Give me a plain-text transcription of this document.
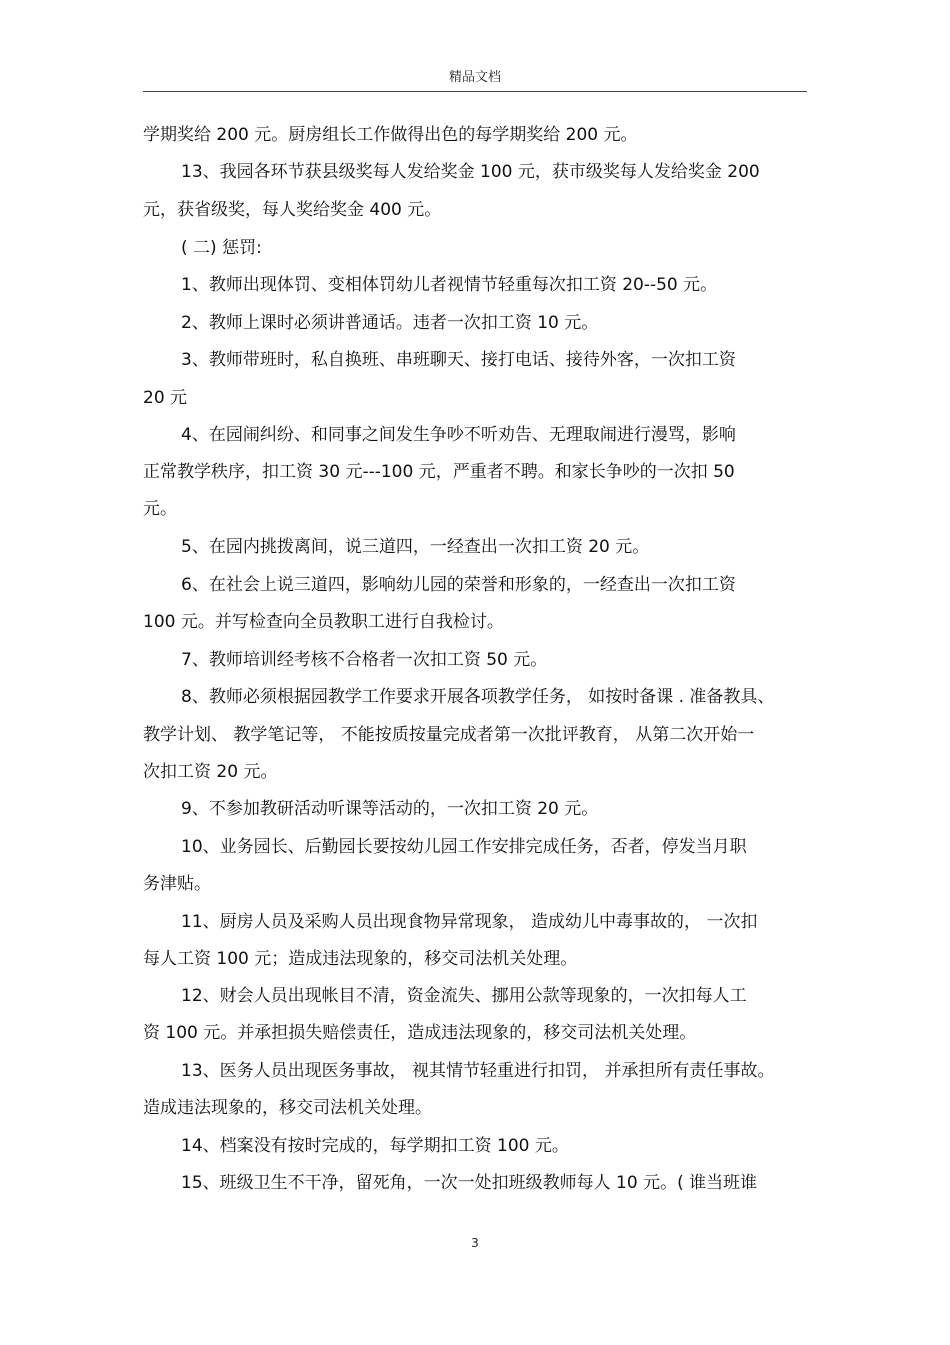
精品文档
学期奖给 200 元。厨房组长工作做得出色的每学期奖给 200 元。
13、我园各环节获县级奖每人发给奖金 100 元，获市级奖每人发给奖金 200
元，获省级奖，每人奖给奖金 400 元。
( 二) 惩罚:
1、教师出现体罚、变相体罚幼儿者视情节轻重每次扣工资 20--50 元。
2、教师上课时必须讲普通话。违者一次扣工资 10 元。
3、教师带班时，私自换班、串班聊天、接打电话、接待外客，一次扣工资
20 元
4、在园闹纠纷、和同事之间发生争吵不听劝告、无理取闹进行漫骂，影响
正常教学秩序，扣工资 30 元---100 元，严重者不聘。和家长争吵的一次扣 50
元。
5、在园内挑拨离间，说三道四，一经查出一次扣工资 20 元。
6、在社会上说三道四，影响幼儿园的荣誉和形象的，一经查出一次扣工资
100 元。并写检查向全员教职工进行自我检讨。
7、教师培训经考核不合格者一次扣工资 50 元。
8、教师必须根据园教学工作要求开展各项教学任务， 如按时备课 . 准备教具、
教学计划、 教学笔记等， 不能按质按量完成者第一次批评教育， 从第二次开始一
次扣工资 20 元。
9、不参加教研活动听课等活动的，一次扣工资 20 元。
10、业务园长、后勤园长要按幼儿园工作安排完成任务，否者，停发当月职
务津贴。
11、厨房人员及采购人员出现食物异常现象， 造成幼儿中毒事故的， 一次扣
每人工资 100 元；造成违法现象的，移交司法机关处理。
12、财会人员出现帐目不清，资金流失、挪用公款等现象的，一次扣每人工
资 100 元。并承担损失赔偿责任，造成违法现象的，移交司法机关处理。
13、医务人员出现医务事故， 视其情节轻重进行扣罚， 并承担所有责任事故。
造成违法现象的，移交司法机关处理。
14、档案没有按时完成的，每学期扣工资 100 元。
15、班级卫生不干净，留死角，一次一处扣班级教师每人 10 元。( 谁当班谁
3
